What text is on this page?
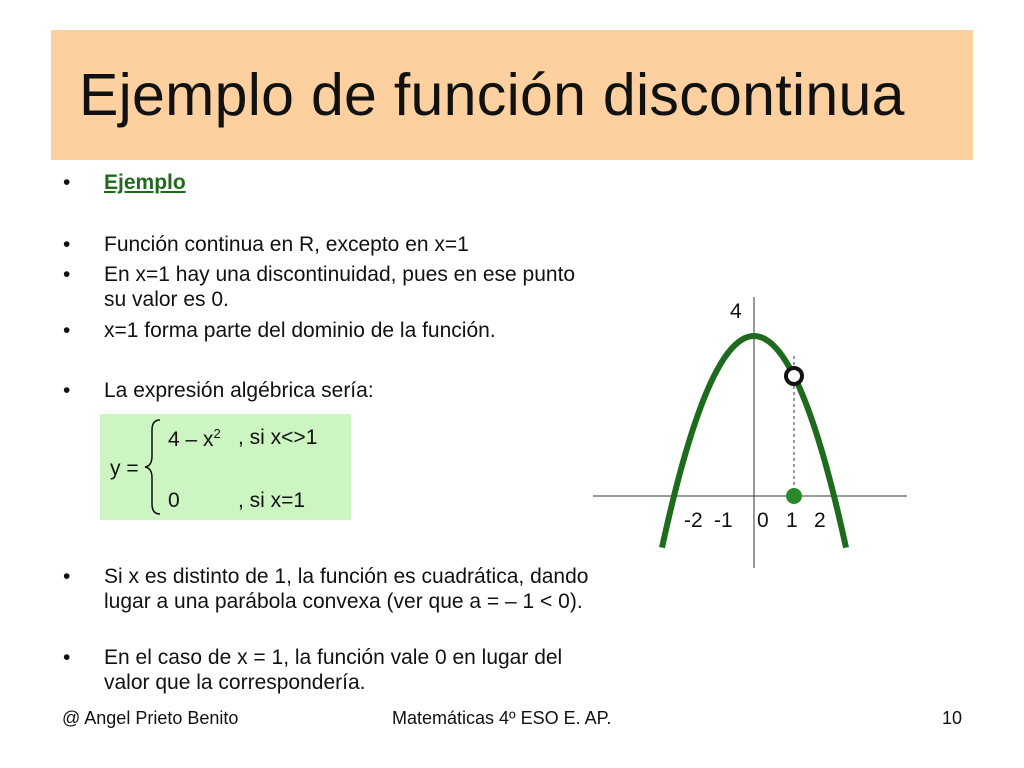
Ejemplo de función discontinua
• Ejemplo
• Función continua en R, excepto en x=1
• En x=1 hay una discontinuidad, pues en ese punto su valor es 0.
• x=1 forma parte del dominio de la función.
• La expresión algébrica sería:
y =
$4 - x^2$ , si x<>1
0	, si x=1
• Si x es distinto de 1, la función es cuadrática, dando lugar a una parábola convexa (ver que a = – 1 < 0).
• En el caso de x = 1, la función vale 0 en lugar del valor que la correspondería.
4
-2 -1 0 1 2
@ Angel Prieto Benito	Matemáticas 4º ESO E. AP.	10
